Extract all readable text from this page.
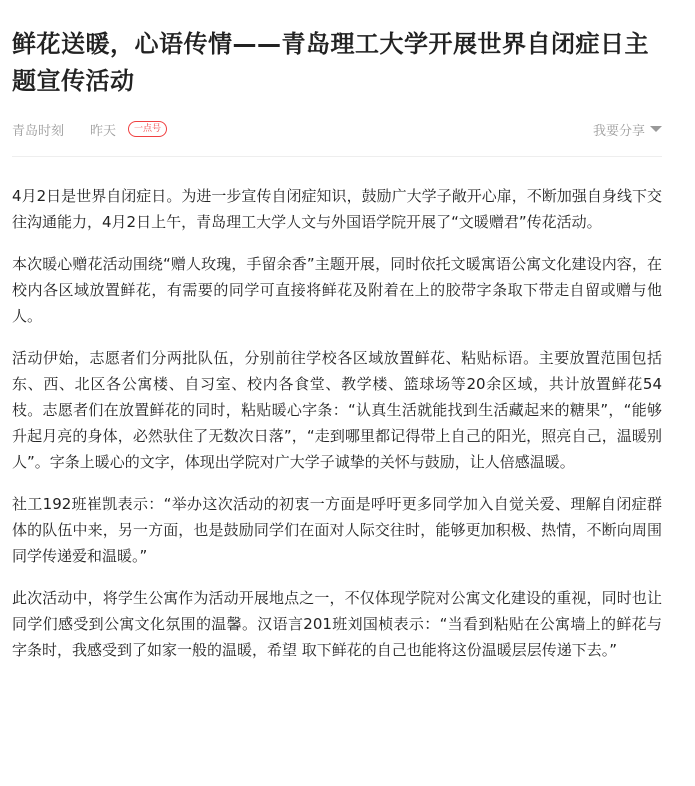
鲜花送暖，心语传情——青岛理工大学开展世界自闭症日主题宣传活动
青岛时刻 昨天	一点号	我要分享

4月2日是世界自闭症日。为进一步宣传自闭症知识，鼓励广大学子敞开心扉，不断加强自身线下交往沟通能力，4月2日上午，青岛理工大学人文与外国语学院开展了“文暖赠君”传花活动。

本次暖心赠花活动围绕“赠人玫瑰，手留余香”主题开展，同时依托文暖寓语公寓文化建设内容，在校内各区域放置鲜花，有需要的同学可直接将鲜花及附着在上的胶带字条取下带走自留或赠与他人。

活动伊始，志愿者们分两批队伍，分别前往学校各区域放置鲜花、粘贴标语。主要放置范围包括东、西、北区各公寓楼、自习室、校内各食堂、教学楼、篮球场等20余区域，共计放置鲜花54枝。志愿者们在放置鲜花的同时，粘贴暖心字条：“认真生活就能找到生活藏起来的糖果”，“能够升起月亮的身体，必然驮住了无数次日落”，“走到哪里都记得带上自己的阳光，照亮自己，温暖别人”。字条上暖心的文字，体现出学院对广大学子诚挚的关怀与鼓励，让人倍感温暖。

社工192班崔凯表示：“举办这次活动的初衷一方面是呼吁更多同学加入自觉关爱、理解自闭症群体的队伍中来，另一方面，也是鼓励同学们在面对人际交往时，能够更加积极、热情，不断向周围同学传递爱和温暖。”

此次活动中，将学生公寓作为活动开展地点之一，不仅体现学院对公寓文化建设的重视，同时也让同学们感受到公寓文化氛围的温馨。汉语言201班刘国桢表示：“当看到粘贴在公寓墙上的鲜花与字条时，我感受到了如家一般的温暖，希望 取下鲜花的自己也能将这份温暖层层传递下去。”
